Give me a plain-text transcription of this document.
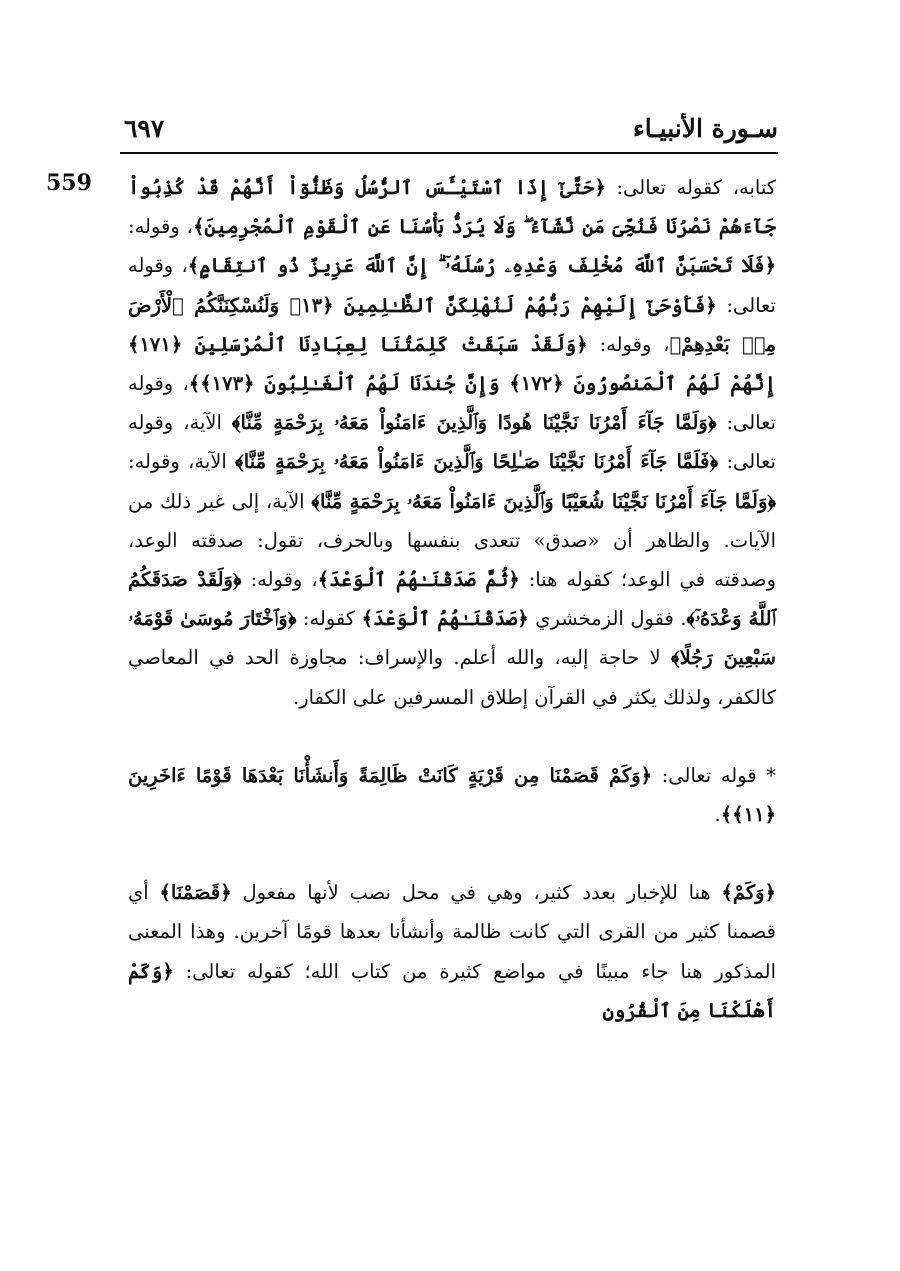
سـورة الأنبيـاء
٦٩٧
559	كتابه، كقوله تعالى: ﴿حَتَّىٰٓ إِذَا ٱسْتَيْـَٔسَ ٱلرُّسُلُ وَظَنُّوٓاْ أَنَّهُمْ قَدْ كُذِبُواْ جَآءَهُمْ نَصْرُنَا فَنُجِّىَ مَن نَّشَآءُ ۖ وَلَا يُرَدُّ بَأْسُنَا عَنِ ٱلْقَوْمِ ٱلْمُجْرِمِينَ﴾، وقوله: ﴿فَلَا تَحْسَبَنَّ ٱللَّهَ مُخْلِفَ وَعْدِهِۦ رُسُلَهُۥٓ ۗ إِنَّ ٱللَّهَ عَزِيزٌ ذُو ٱنتِقَامٍ﴾، وقوله تعالى: ﴿فَأَوْحَىٰٓ إِلَيْهِمْ رَبُّهُمْ لَنُهْلِكَنَّ ٱلظَّـٰلِمِينَ ﴿١٣﴾ وَلَنُسْكِنَنَّكُمُ ٱلْأَرْضَ مِنۢ بَعْدِهِمْ﴾، وقوله: ﴿وَلَقَدْ سَبَقَتْ كَلِمَتُنَا لِعِبَادِنَا ٱلْمُرْسَلِينَ ﴿١٧١﴾ إِنَّهُمْ لَهُمُ ٱلْمَنصُورُونَ ﴿١٧٢﴾ وَإِنَّ جُندَنَا لَهُمُ ٱلْغَـٰلِبُونَ ﴿١٧٣﴾﴾، وقوله تعالى: ﴿وَلَمَّا جَآءَ أَمْرُنَا نَجَّيْنَا هُودًا وَٱلَّذِينَ ءَامَنُواْ مَعَهُۥ بِرَحْمَةٍ مِّنَّا﴾ الآية، وقوله تعالى: ﴿فَلَمَّا جَآءَ أَمْرُنَا نَجَّيْنَا صَـٰلِحًا وَٱلَّذِينَ ءَامَنُواْ مَعَهُۥ بِرَحْمَةٍ مِّنَّا﴾ الآية، وقوله: ﴿وَلَمَّا جَآءَ أَمْرُنَا نَجَّيْنَا شُعَيْبًا وَٱلَّذِينَ ءَامَنُواْ مَعَهُۥ بِرَحْمَةٍ مِّنَّا﴾ الآية، إلى غير ذلك من الآيات. والظاهر أن «صدق» تتعدى بنفسها وبالحرف، تقول: صدقته الوعد، وصدقته في الوعد؛ كقوله هنا: ﴿ثُمَّ صَدَقْنَـٰهُمُ ٱلْوَعْدَ﴾، وقوله: ﴿وَلَقَدْ صَدَقَكُمُ ٱللَّهُ وَعْدَهُۥٓ﴾. فقول الزمخشري ﴿صَدَقْنَـٰهُمُ ٱلْوَعْدَ﴾ كقوله: ﴿وَٱخْتَارَ مُوسَىٰ قَوْمَهُۥ سَبْعِينَ رَجُلًا﴾ لا حاجة إليه، والله أعلم. والإسراف: مجاوزة الحد في المعاصي كالكفر، ولذلك يكثر في القرآن إطلاق المسرفين على الكفار.

* قوله تعالى: ﴿وَكَمْ قَصَمْنَا مِن قَرْيَةٍ كَانَتْ ظَالِمَةً وَأَنشَأْنَا بَعْدَهَا قَوْمًا ءَاخَرِينَ ﴿١١﴾﴾.

﴿وَكَمْ﴾ هنا للإخبار بعدد كثير، وهي في محل نصب لأنها مفعول ﴿قَصَمْنَا﴾ أي قصمنا كثير من القرى التي كانت ظالمة وأنشأنا بعدها قومًا آخرين. وهذا المعنى المذكور هنا جاء مبينًا في مواضع كثيرة من كتاب الله؛ كقوله تعالى: ﴿وَكَمْ أَهْلَكْنَا مِنَ ٱلْقُرُونِ
